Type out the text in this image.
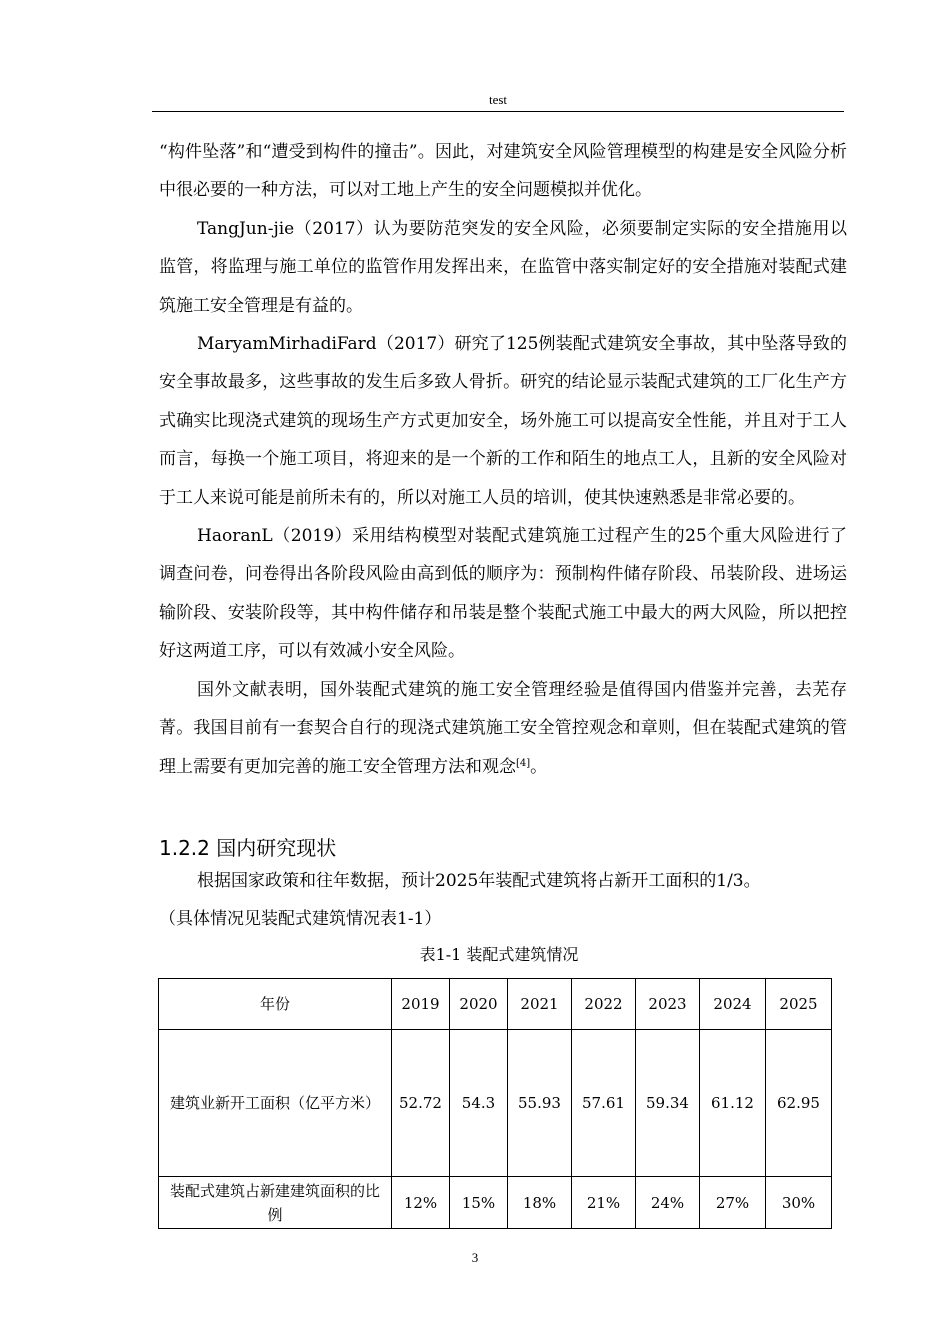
test

“构件坠落”和“遭受到构件的撞击”。因此，对建筑安全风险管理模型的构建是安全风险分析中很必要的一种方法，可以对工地上产生的安全问题模拟并优化。

TangJun-jie（2017）认为要防范突发的安全风险，必须要制定实际的安全措施用以监管，将监理与施工单位的监管作用发挥出来，在监管中落实制定好的安全措施对装配式建筑施工安全管理是有益的。

MaryamMirhadiFard（2017）研究了125例装配式建筑安全事故，其中坠落导致的安全事故最多，这些事故的发生后多致人骨折。研究的结论显示装配式建筑的工厂化生产方式确实比现浇式建筑的现场生产方式更加安全，场外施工可以提高安全性能，并且对于工人而言，每换一个施工项目，将迎来的是一个新的工作和陌生的地点工人，且新的安全风险对于工人来说可能是前所未有的，所以对施工人员的培训，使其快速熟悉是非常必要的。

HaoranL（2019）采用结构模型对装配式建筑施工过程产生的25个重大风险进行了调查问卷，问卷得出各阶段风险由高到低的顺序为：预制构件储存阶段、吊装阶段、进场运输阶段、安装阶段等，其中构件储存和吊装是整个装配式施工中最大的两大风险，所以把控好这两道工序，可以有效减小安全风险。

国外文献表明，国外装配式建筑的施工安全管理经验是值得国内借鉴并完善，去芜存菁。我国目前有一套契合自行的现浇式建筑施工安全管控观念和章则，但在装配式建筑的管理上需要有更加完善的施工安全管理方法和观念[4]。

1.2.2 国内研究现状

根据国家政策和往年数据，预计2025年装配式建筑将占新开工面积的1/3。

（具体情况见装配式建筑情况表1-1）

表1-1 装配式建筑情况
年份	2019	2020	2021	2022	2023	2024	2025
建筑业新开工面积（亿平方米）	52.72	54.3	55.93	57.61	59.34	61.12	62.95
装配式建筑占新建建筑面积的比例	12%	15%	18%	21%	24%	27%	30%
3
